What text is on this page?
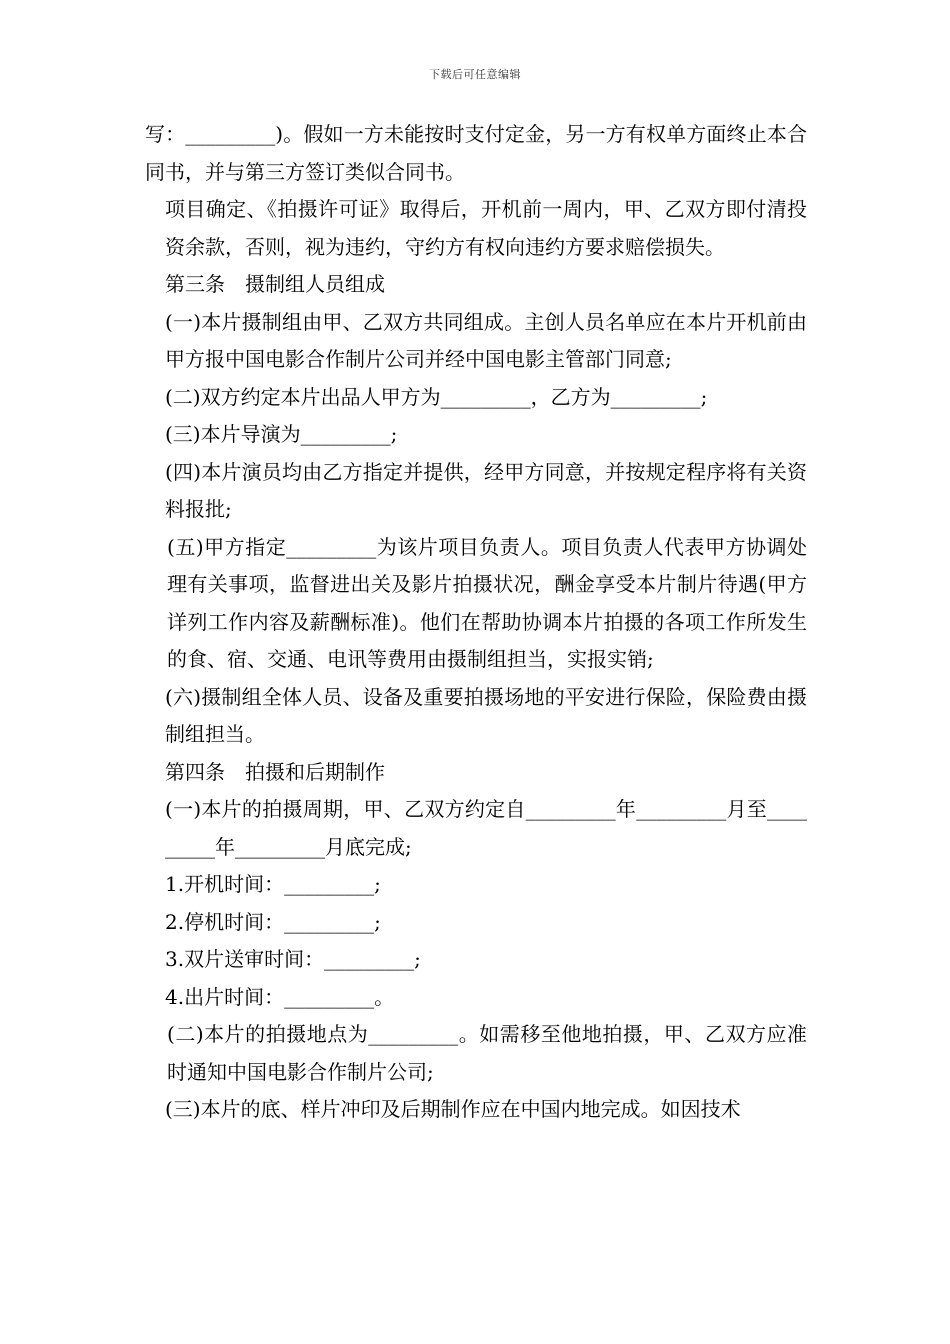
下载后可任意编辑

写：_________)。假如一方未能按时支付定金，另一方有权单方面终止本合同书，并与第三方签订类似合同书。

项目确定、《拍摄许可证》取得后，开机前一周内，甲、乙双方即付清投资余款，否则，视为违约，守约方有权向违约方要求赔偿损失。

第三条　摄制组人员组成

(一)本片摄制组由甲、乙双方共同组成。主创人员名单应在本片开机前由甲方报中国电影合作制片公司并经中国电影主管部门同意;

(二)双方约定本片出品人甲方为_________，乙方为_________;

(三)本片导演为_________;

(四)本片演员均由乙方指定并提供，经甲方同意，并按规定程序将有关资料报批;

(五)甲方指定_________为该片项目负责人。项目负责人代表甲方协调处理有关事项，监督进出关及影片拍摄状况，酬金享受本片制片待遇(甲方详列工作内容及薪酬标准)。他们在帮助协调本片拍摄的各项工作所发生的食、宿、交通、电讯等费用由摄制组担当，实报实销;

(六)摄制组全体人员、设备及重要拍摄场地的平安进行保险，保险费由摄制组担当。

第四条　拍摄和后期制作

(一)本片的拍摄周期，甲、乙双方约定自_________年_________月至_________年_________月底完成;

1.开机时间：_________;

2.停机时间：_________;

3.双片送审时间：_________;

4.出片时间：_________。

(二)本片的拍摄地点为_________。如需移至他地拍摄，甲、乙双方应准时通知中国电影合作制片公司;

(三)本片的底、样片冲印及后期制作应在中国内地完成。如因技术
